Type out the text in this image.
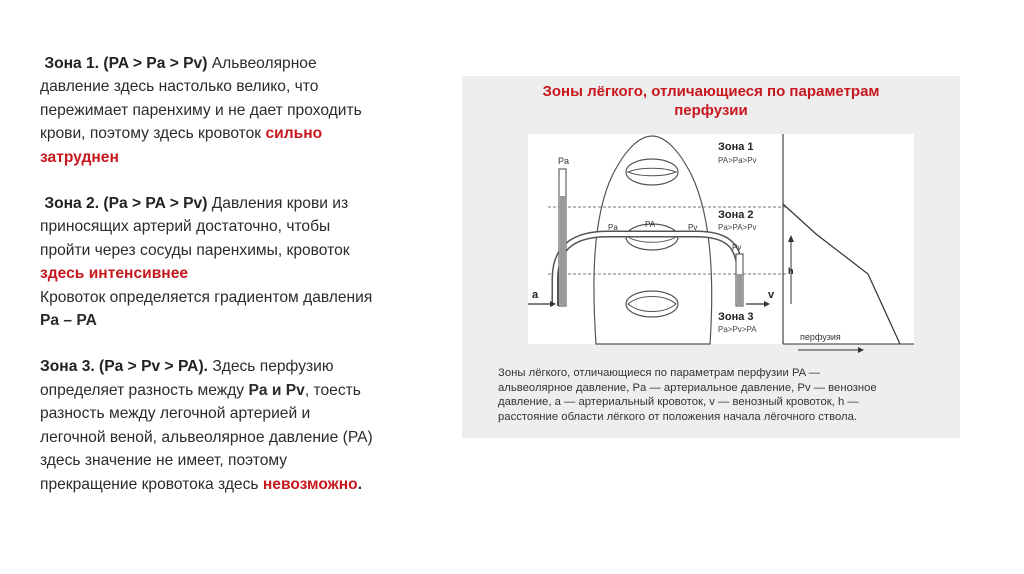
Зона 1. (PA > Pa > Pv) Альвеолярное
давление здесь настолько велико, что
пережимает паренхиму и не дает проходить
крови, поэтому здесь кровоток сильно
затруднен

Зона 2. (Pa > PA > Pv) Давления крови из
приносящих артерий достаточно, чтобы
пройти через сосуды паренхимы, кровоток
здесь интенсивнее
Кровоток определяется градиентом давления
Pa – PA

Зона 3. (Pa > Pv > PA). Здесь перфузию
определяет разность между Pa и Pv, тоесть
разность между легочной артерией и
легочной веной, альвеолярное давление (PA)
здесь значение не имеет, поэтому
прекращение кровотока здесь невозможно.

Зоны лёгкого, отличающиеся по параметрам
перфузии
Зона 1
PA>Pa>Pv
Зона 2
Pa>PA>Pv
Зона 3
Pa>Pv>PA
Pa
Pa	PA	Pv
Pv
a	v
h
перфузия
Зоны лёгкого, отличающиеся по параметрам перфузии PA —
альвеолярное давление, Pa — артериальное давление, Pv — венозное
давление, а — артериальный кровоток, v — венозный кровоток, h —
расстояние области лёгкого от положения начала лёгочного ствола.
